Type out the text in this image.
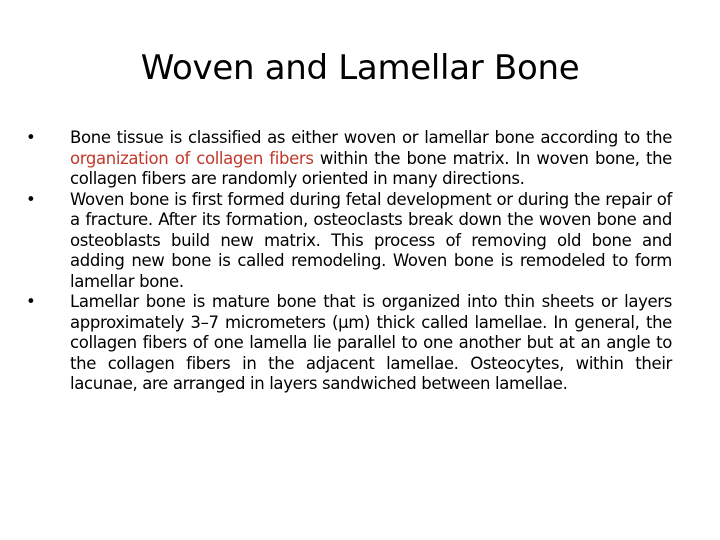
Woven and Lamellar Bone
•	Bone tissue is classified as either woven or lamellar bone according to the organization of collagen fibers within the bone matrix. In woven bone, the collagen fibers are randomly oriented in many directions.
•	Woven bone is first formed during fetal development or during the repair of a fracture. After its formation, osteoclasts break down the woven bone and osteoblasts build new matrix. This process of removing old bone and adding new bone is called remodeling. Woven bone is remodeled to form lamellar bone.
•	Lamellar bone is mature bone that is organized into thin sheets or layers approximately 3–7 micrometers (μm) thick called lamellae. In general, the collagen fibers of one lamella lie parallel to one another but at an angle to the collagen fibers in the adjacent lamellae. Osteocytes, within their lacunae, are arranged in layers sandwiched between lamellae.
